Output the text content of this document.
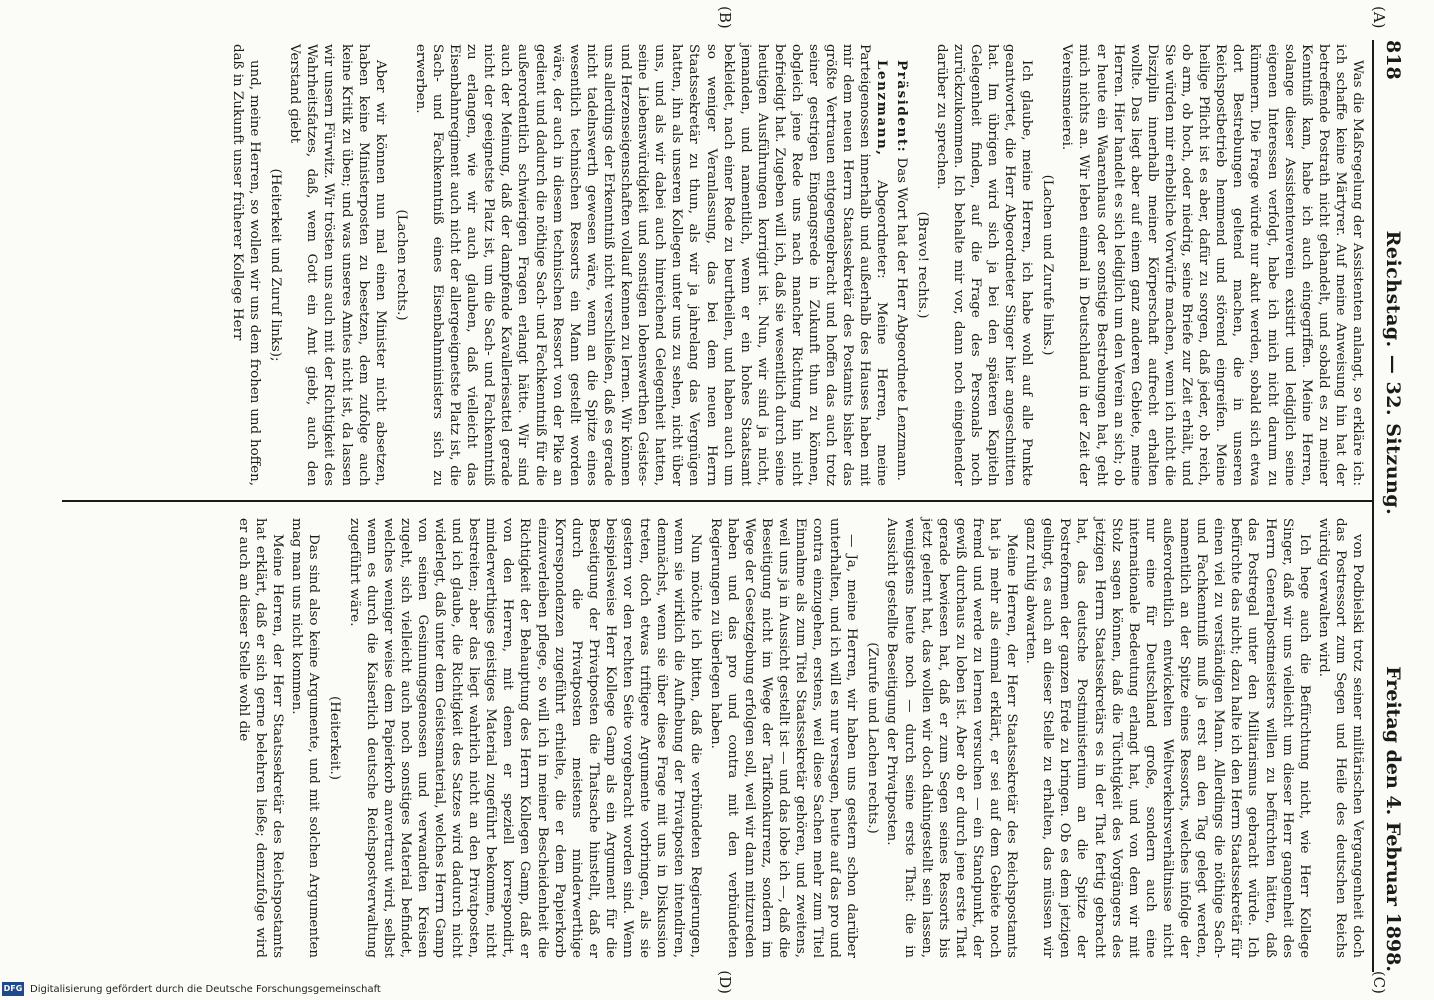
818
Reichstag. — 32. Sitzung.
Freitag den 4. Februar 1898.
(A)
(B)
(C)
(D)

Was die Maßregelung der Assistenten anlangt, so erkläre ich: ich schaffe keine Märtyrer. Auf meine Anweisung hin hat der betreffende Postrath nicht gehandelt, und sobald es zu meiner Kenntniß kam, habe ich auch eingegriffen. Meine Herren, solange dieser Assistentenverein existirt und lediglich seine eigenen Interessen verfolgt, habe ich mich nicht darum zu kümmern. Die Frage würde nur akut werden, sobald sich etwa dort Bestrebungen geltend machen, die in unseren Reichspostbetrieb hemmend und störend eingreifen. Meine heilige Pflicht ist es aber, dafür zu sorgen, daß jeder, ob reich, ob arm, ob hoch, oder niedrig, seine Briefe zur Zeit erhält, und Sie würden mir erhebliche Vorwürfe machen, wenn ich nicht die Disziplin innerhalb meiner Körperschaft aufrecht erhalten wollte. Das liegt aber auf einem ganz anderen Gebiete, meine Herren. Hier handelt es sich lediglich um den Verein an sich; ob er heute ein Waarenhaus oder sonstige Bestrebungen hat, geht mich nichts an. Wir leben einmal in Deutschland in der Zeit der Vereinsmeierei.

(Lachen und Zurufe links.)

Ich glaube, meine Herren, ich habe wohl auf alle Punkte geantwortet, die Herr Abgeordneter Singer hier angeschnitten hat. Im übrigen wird sich ja bei den späteren Kapiteln Gelegenheit finden, auf die Frage des Personals noch zurückzukommen. Ich behalte mir vor, dann noch eingehender darüber zu sprechen.

(Bravo! rechts.)

Präsident: Das Wort hat der Herr Abgeordnete Lenzmann.

Lenzmann, Abgeordneter: Meine Herren, meine Parteigenossen innerhalb und außerhalb des Hauses haben mit mir dem neuen Herrn Staatssekretär des Postamts bisher das größte Vertrauen entgegengebracht und hoffen das auch trotz seiner gestrigen Eingangsrede in Zukunft thun zu können, obgleich jene Rede uns nach mancher Richtung hin nicht befriedigt hat. Zugeben will ich, daß sie wesentlich durch seine heutigen Ausführungen korrigirt ist. Nun, wir sind ja nicht, jemanden, und namentlich, wenn er ein hohes Staatsamt bekleidet, nach einer Rede zu beurtheilen, und haben auch um so weniger Veranlassung, das bei dem neuen Herrn Staatssekretär zu thun, als wir ja jahrelang das Vergnügen hatten, ihn als unseren Kollegen unter uns zu sehen, nicht über uns, und als wir dabei auch hinreichend Gelegenheit hatten, seine Liebenswürdigkeit und sonstigen lobenswerthen Geistes- und Herzenseigenschaften vollauf kennen zu lernen. Wir können uns allerdings der Erkenntniß nicht verschließen, daß es gerade nicht tadelnswerth gewesen wäre, wenn an die Spitze eines wesentlich technischen Ressorts ein Mann gestellt worden wäre, der auch in diesem technischen Ressort von der Pike an gedient und dadurch die nöthige Sach- und Fachkenntniß für die außerordentlich schwierigen Fragen erlangt hätte. Wir sind auch der Meinung, daß der dampfende Kavalleriesattel gerade nicht der geeignetste Platz ist, um die Sach- und Fachkenntniß zu erlangen, wie wir auch glauben, daß vielleicht das Eisenbahnregiment auch nicht der allergeeignetste Platz ist, die Sach- und Fachkenntniß eines Eisenbahnministers sich zu erwerben.

(Lachen rechts.)

Aber wir können nun mal einen Minister nicht absetzen, haben keine Ministerposten zu besetzen, dem zufolge auch keine Kritik zu üben; und was unseres Amtes nicht ist, da lassen wir unsern Fürwitz. Wir trösten uns auch mit der Richtigkeit des Wahrheitsfatzes, daß, wem Gott ein Amt giebt, auch den Verstand giebt

(Heiterkeit und Zuruf links);

und, meine Herren, so wollen wir uns dem frohen und hoffen, daß in Zukunft unser früherer Kollege Herr

von Podbielski trotz seiner militärischen Vergangenheit doch das Postressort zum Segen und Heile des deutschen Reichs würdig verwalten wird.

Ich hege auch die Befürchtung nicht, wie Herr Kollege Singer, daß wir uns vielleicht um dieser Herr gangenheit des Herrn Generalpostmeisters willen zu befürchten hätten, daß das Postregal unter den Militarismus gebracht würde. Ich befürchte das nicht; dazu halte ich den Herrn Staatssekretär für einen viel zu verständigen Mann. Allerdings die nöthige Sach- und Fachkenntniß muß ja erst an den Tag gelegt werden, namentlich an der Spitze eines Ressorts, welches infolge der außerordentlich entwickelten Weltverkehrsverhältnisse nicht nur eine für Deutschland große, sondern auch eine internationale Bedeutung erlangt hat, und von dem wir mit Stolz sagen können, daß die Tüchtigkeit des Vorgängers des jetzigen Herrn Staatssekretärs es in der That fertig gebracht hat, das deutsche Postministerium an die Spitze der Postreformen der ganzen Erde zu bringen. Ob es dem jetzigen gelingt, es auch an dieser Stelle zu erhalten, das müssen wir ganz ruhig abwarten.

Meine Herren, der Herr Staatssekretär des Reichspostamts hat ja mehr als einmal erklärt, er sei auf dem Gebiete noch fremd und werde zu lernen versuchen — ein Standpunkt, der gewiß durchaus zu loben ist. Aber ob er durch jene erste That gerade bewiesen hat, daß er zum Segen seines Ressorts bis jetzt gelernt hat, das wollen wir doch dahingestellt sein lassen, wenigstens heute noch — durch seine erste That: die in Aussicht gestellte Beseitigung der Privatposten.

(Zurufe und Lachen rechts.)

— Ja, meine Herren, wir haben uns gestern schon darüber unterhalten, und ich will es nur versagen, heute auf das pro und contra einzugehen, erstens, weil diese Sachen mehr zum Titel Einnahme als zum Titel Staatssekretär gehören, und zweitens, weil uns ja in Aussicht gestellt ist — und das lobe ich —, daß die Beseitigung nicht im Wege der Tarifkonkurrenz, sondern im Wege der Gesetzgebung erfolgen soll, weil wir dann mitzureden haben und das pro und contra mit den verbündeten Regierungen zu überlegen haben.

Nun möchte ich bitten, daß die verbündeten Regierungen, wenn sie wirklich die Aufhebung der Privatposten intendiren, demnächst, wenn sie über diese Frage mit uns in Diskussion treten, doch etwas triftigere Argumente vorbringen, als sie gestern vor den rechten Seite vorgebracht worden sind. Wenn beispielsweise Herr Kollege Gamp als ein Argument für die Beseitigung der Privatposten die Thatsache hinstellt, daß er durch die Privatposten meistens minderwerthige Korrespondenzen zugeführt erhielte, die er dem Papierkorb einzuverleiben pflege, so will ich in meiner Bescheidenheit die Richtigkeit der Behauptung des Herrn Kollegen Gamp, daß er von den Herren, mit denen er speziell korrespondirt, minderwerthiges geistiges Material zugeführt bekomme, nicht bestreiten; aber das liegt wahrlich nicht an den Privatposten, und ich glaube, die Richtigkeit des Satzes wird dadurch nicht widerlegt, daß unter dem Geistesmaterial, welches Herrn Gamp von seinen Gesinnungsgenossen und verwandten Kreisen zugeht, sich vielleicht auch noch sonstiges Material befindet, welches weniger weise dem Papierkorb anvertraut wird, selbst wenn es durch die Kaiserlich deutsche Reichspostverwaltung zugeführt wäre.

(Heiterkeit.)

Das sind also keine Argumente, und mit solchen Argumenten mag man uns nicht kommen.

Meine Herren, der Herr Staatssekretär des Reichspostamts hat erklärt, daß er sich gerne belehren ließe; demzufolge wird er auch an dieser Stelle wohl die

DFG Digitalisierung gefördert durch die Deutsche Forschungsgemeinschaft
